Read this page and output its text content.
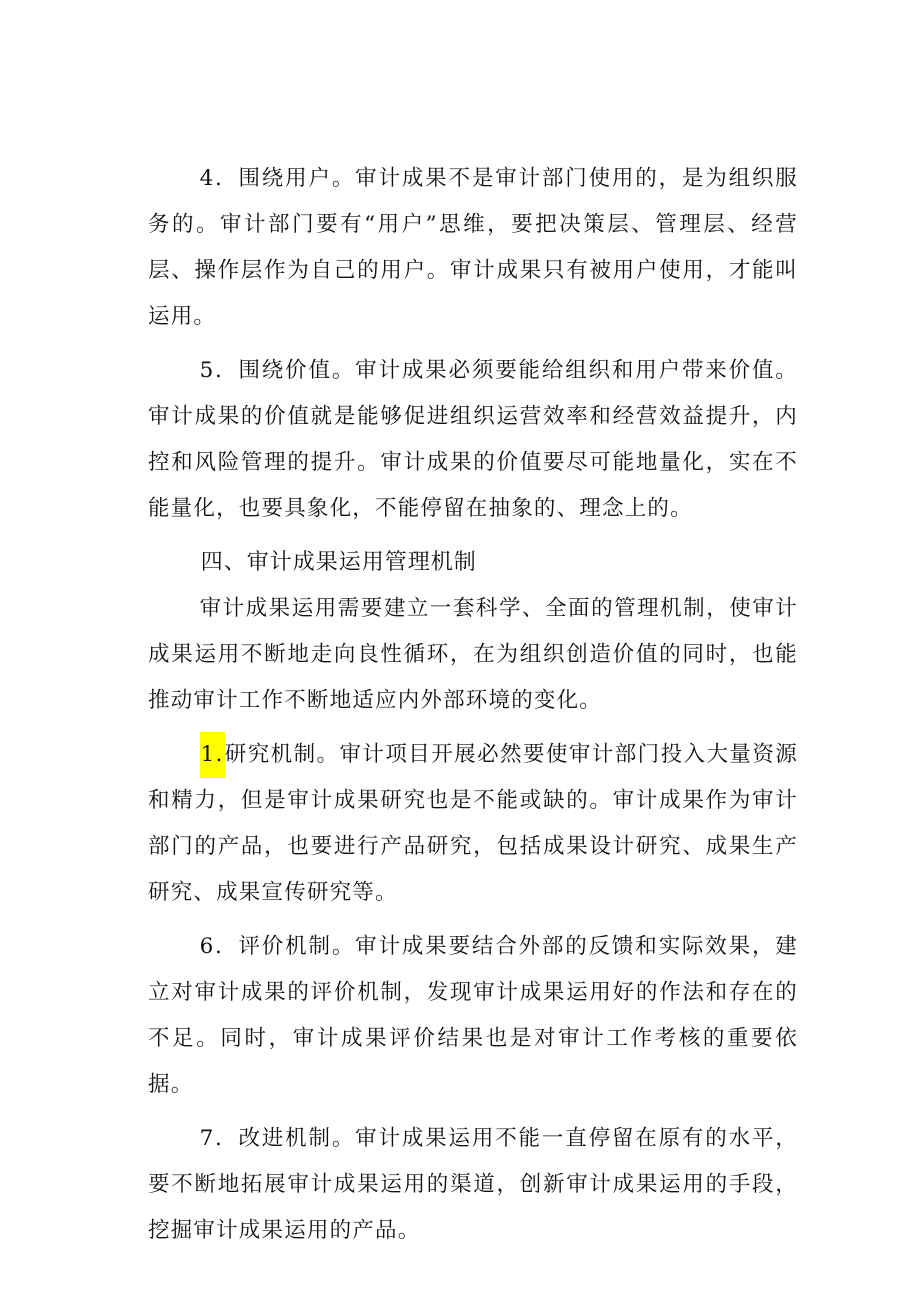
4．围绕用户。审计成果不是审计部门使用的，是为组织服务的。审计部门要有“用户”思维，要把决策层、管理层、经营层、操作层作为自己的用户。审计成果只有被用户使用，才能叫运用。

5．围绕价值。审计成果必须要能给组织和用户带来价值。审计成果的价值就是能够促进组织运营效率和经营效益提升，内控和风险管理的提升。审计成果的价值要尽可能地量化，实在不能量化，也要具象化，不能停留在抽象的、理念上的。

四、审计成果运用管理机制

审计成果运用需要建立一套科学、全面的管理机制，使审计成果运用不断地走向良性循环，在为组织创造价值的同时，也能推动审计工作不断地适应内外部环境的变化。

1.研究机制。审计项目开展必然要使审计部门投入大量资源和精力，但是审计成果研究也是不能或缺的。审计成果作为审计部门的产品，也要进行产品研究，包括成果设计研究、成果生产研究、成果宣传研究等。

6．评价机制。审计成果要结合外部的反馈和实际效果，建立对审计成果的评价机制，发现审计成果运用好的作法和存在的不足。同时，审计成果评价结果也是对审计工作考核的重要依据。

7．改进机制。审计成果运用不能一直停留在原有的水平，要不断地拓展审计成果运用的渠道，创新审计成果运用的手段，挖掘审计成果运用的产品。
